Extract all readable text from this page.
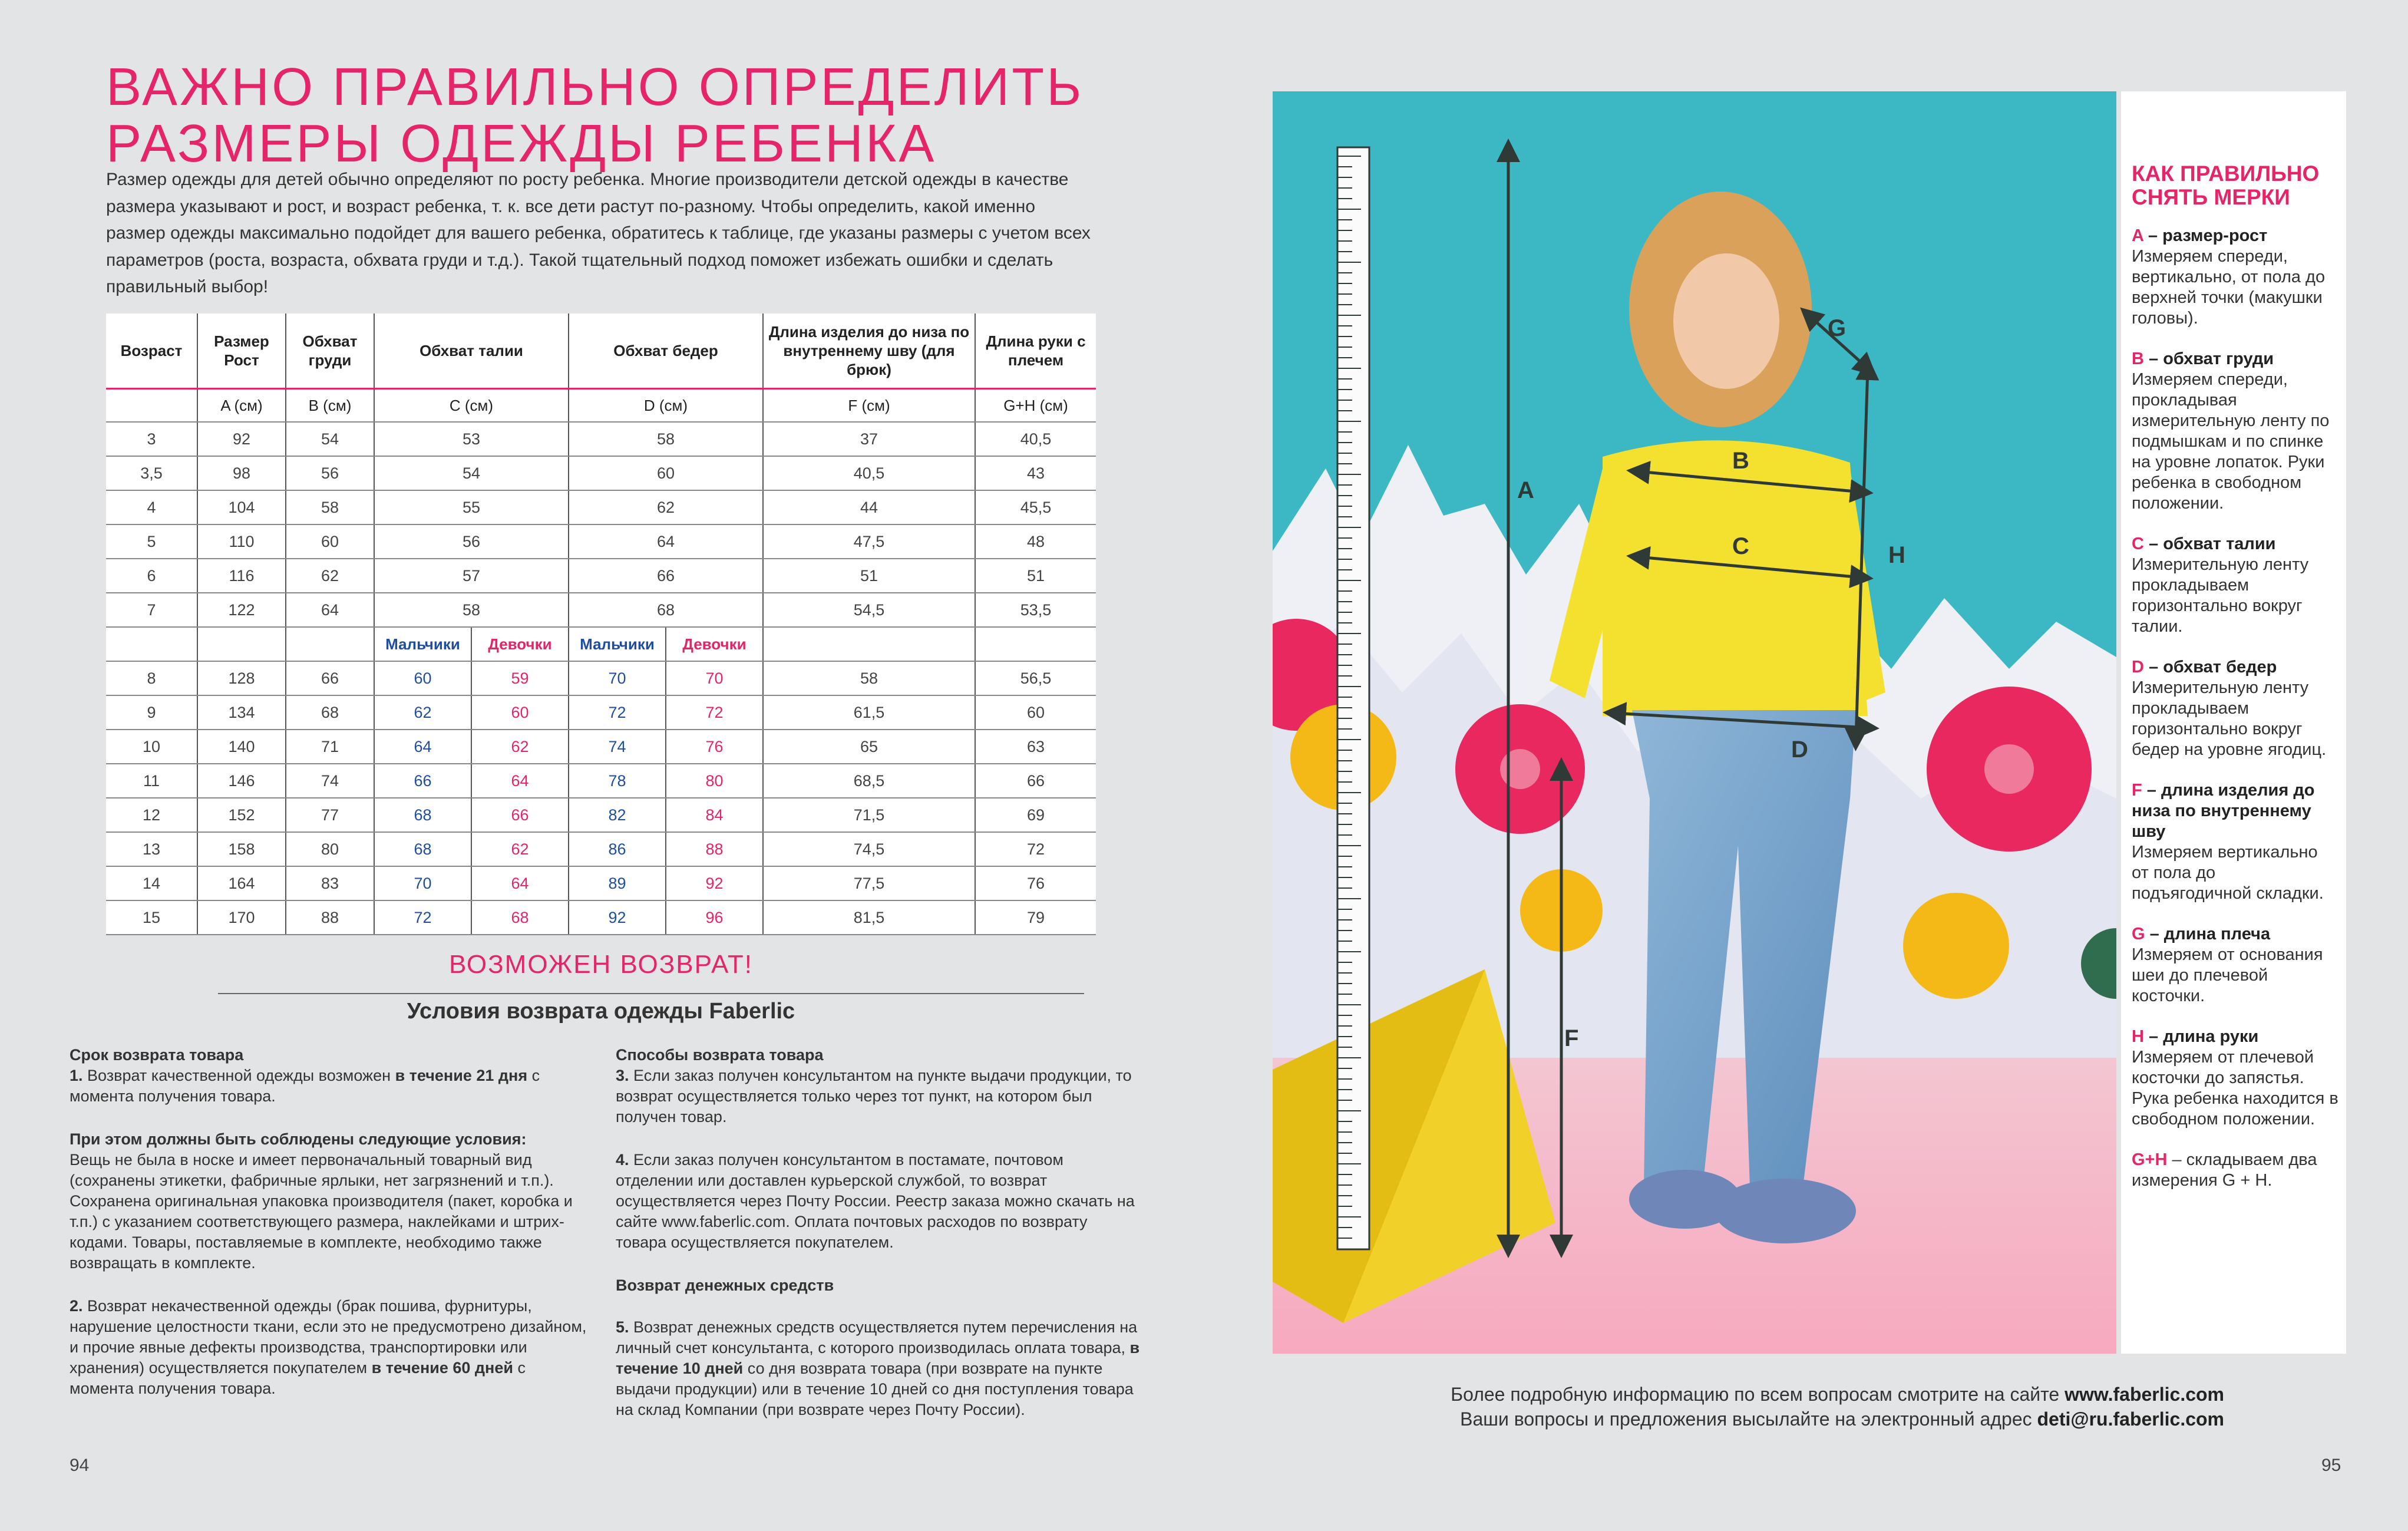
ВАЖНО ПРАВИЛЬНО ОПРЕДЕЛИТЬ
РАЗМЕРЫ ОДЕЖДЫ РЕБЕНКА
Размер одежды для детей обычно определяют по росту ребенка. Многие производители детской одежды в качестве размера указывают и рост, и возраст ребенка, т. к. все дети растут по-разному. Чтобы определить, какой именно размер одежды максимально подойдет для вашего ребенка, обратитесь к таблице, где указаны размеры с учетом всех параметров (роста, возраста, обхвата груди и т.д.). Такой тщательный подход поможет избежать ошибки и сделать правильный выбор!
Возраст	Размер Рост	Обхват груди	Обхват талии		Обхват бедер		Длина изделия до низа по внутреннему шву (для брюк)	Длина руки с плечем
	A (см)	B (см)	C (см)		D (см)		F (см)	G+H (см)
3	92	54	53		58		37	40,5
3,5	98	56	54		60		40,5	43
4	104	58	55		62		44	45,5
5	110	60	56		64		47,5	48
6	116	62	57		66		51	51
7	122	64	58		68		54,5	53,5
			Мальчики	Девочки	Мальчики	Девочки		
8	128	66	60	59	70	70	58	56,5
9	134	68	62	60	72	72	61,5	60
10	140	71	64	62	74	76	65	63
11	146	74	66	64	78	80	68,5	66
12	152	77	68	66	82	84	71,5	69
13	158	80	68	62	86	88	74,5	72
14	164	83	70	64	89	92	77,5	76
15	170	88	72	68	92	96	81,5	79
ВОЗМОЖЕН ВОЗВРАТ!
Условия возврата одежды Faberlic
Срок возврата товара

1. Возврат качественной одежды возможен в течение 21 дня с момента получения товара.

При этом должны быть соблюдены следующие условия:

Вещь не была в носке и имеет первоначальный товарный вид (сохранены этикетки, фабричные ярлыки, нет загрязнений и т.п.). Сохранена оригинальная упаковка производителя (пакет, коробка и т.п.) с указанием соответствующего размера, наклейками и штрих-кодами. Товары, поставляемые в комплекте, необходимо также возвращать в комплекте.

2. Возврат некачественной одежды (брак пошива, фурнитуры, нарушение целостности ткани, если это не предусмотрено дизайном, и прочие явные дефекты производства, транспортировки или хранения) осуществляется покупателем в течение 60 дней с момента получения товара.

Способы возврата товара

3. Если заказ получен консультантом на пункте выдачи продукции, то возврат осуществляется только через тот пункт, на котором был получен товар.

4. Если заказ получен консультантом в постамате, почтовом отделении или доставлен курьерской службой, то возврат осуществляется через Почту России. Реестр заказа можно скачать на сайте www.faberlic.com. Оплата почтовых расходов по возврату товара осуществляется покупателем.

Возврат денежных средств

5. Возврат денежных средств осуществляется путем перечисления на личный счет консультанта, с которого производилась оплата товара, в течение 10 дней со дня возврата товара (при возврате на пункте выдачи продукции) или в течение 10 дней со дня поступления товара на склад Компании (при возврате через Почту России).

94
A
B
C
D
F
G
H
КАК ПРАВИЛЬНО СНЯТЬ МЕРКИ
A – размер-рост
Измеряем спереди, вертикально, от пола до верхней точки (макушки головы).
B – обхват груди
Измеряем спереди, прокладывая измерительную ленту по подмышкам и по спинке на уровне лопаток. Руки ребенка в свободном положении.
C – обхват талии
Измерительную ленту прокладываем горизонтально вокруг талии.
D – обхват бедер
Измерительную ленту прокладываем горизонтально вокруг бедер на уровне ягодиц.
F – длина изделия до низа по внутреннему шву
Измеряем вертикально от пола до подъягодичной складки.
G – длина плеча
Измеряем от основания шеи до плечевой косточки.
H – длина руки
Измеряем от плечевой косточки до запястья. Рука ребенка находится в свободном положении.
G+H – складываем два измерения G + H.
95
Более подробную информацию по всем вопросам смотрите на сайте www.faberlic.com
Ваши вопросы и предложения высылайте на электронный адрес deti@ru.faberlic.com
